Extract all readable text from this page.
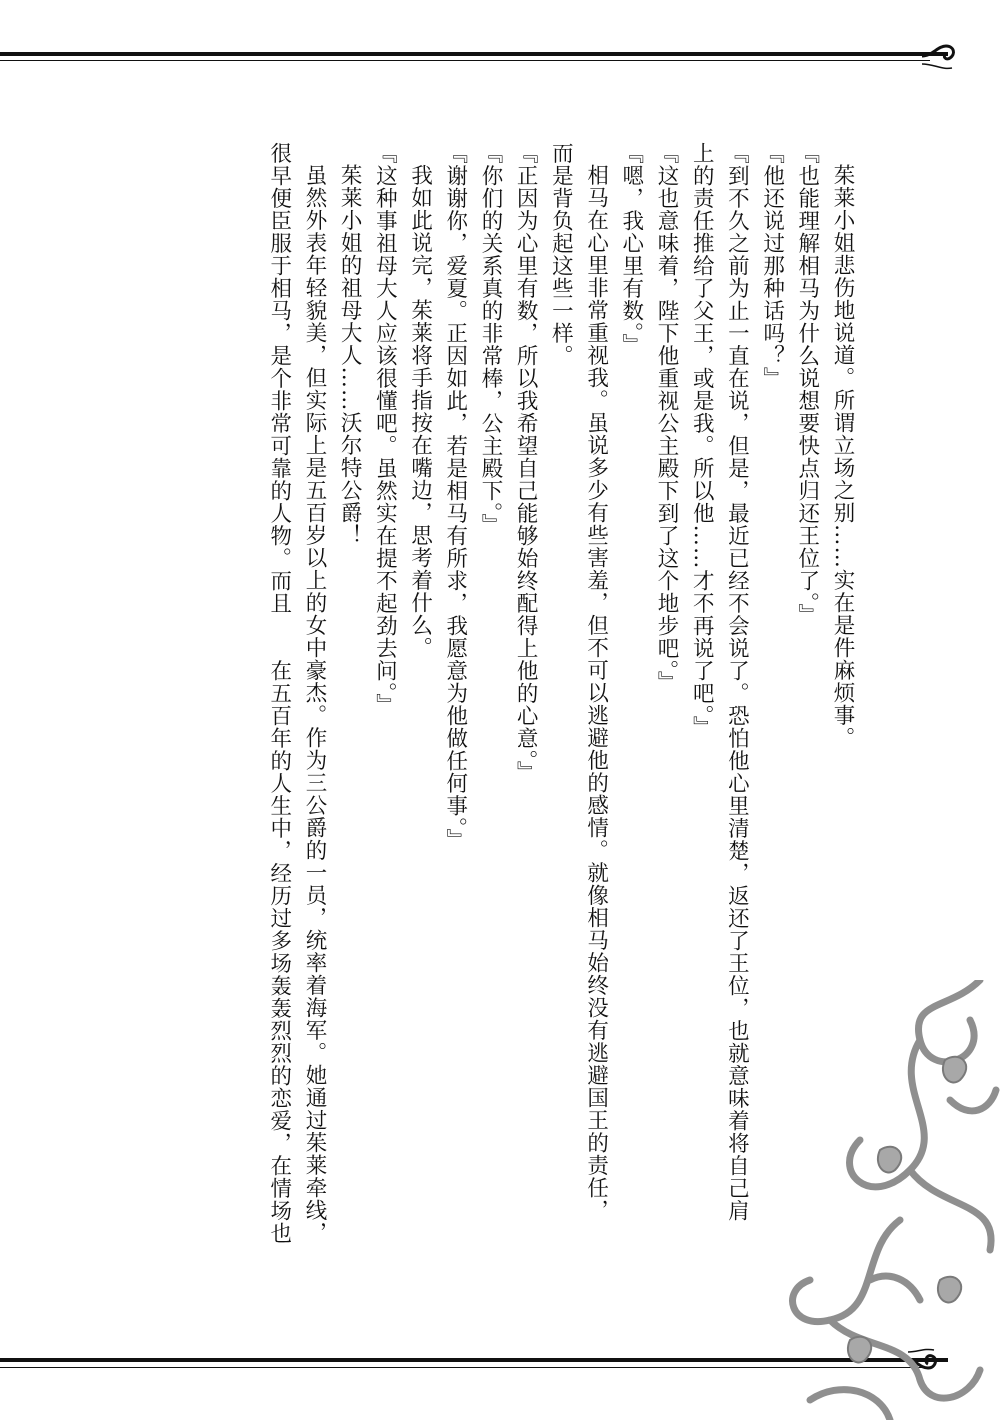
茱莱小姐悲伤地说道。所谓立场之别……实在是件麻烦事。

『也能理解相马为什么说想要快点归还王位了。』

『他还说过那种话吗？』

『到不久之前为止一直在说，但是，最近已经不会说了。恐怕他心里清楚，返还了王位，也就意味着将自己肩

上的责任推给了父王，或是我。所以他……才不再说了吧。』

『这也意味着，陛下他重视公主殿下到了这个地步吧。』

『嗯，我心里有数。』

相马在心里非常重视我。虽说多少有些害羞，但不可以逃避他的感情。就像相马始终没有逃避国王的责任，

而是背负起这些一样。

『正因为心里有数，所以我希望自己能够始终配得上他的心意。』

『你们的关系真的非常棒，公主殿下。』

『谢谢你，爱夏。正因如此，若是相马有所求，我愿意为他做任何事。』

我如此说完，茱莱将手指按在嘴边，思考着什么。

『这种事祖母大人应该很懂吧。虽然实在提不起劲去问。』

茱莱小姐的祖母大人……沃尔特公爵！

虽然外表年轻貌美，但实际上是五百岁以上的女中豪杰。作为三公爵的一员，统率着海军。她通过茱莱牵线，

很早便臣服于相马，是个非常可靠的人物。而且　　在五百年的人生中，经历过多场轰轰烈烈的恋爱，在情场也
